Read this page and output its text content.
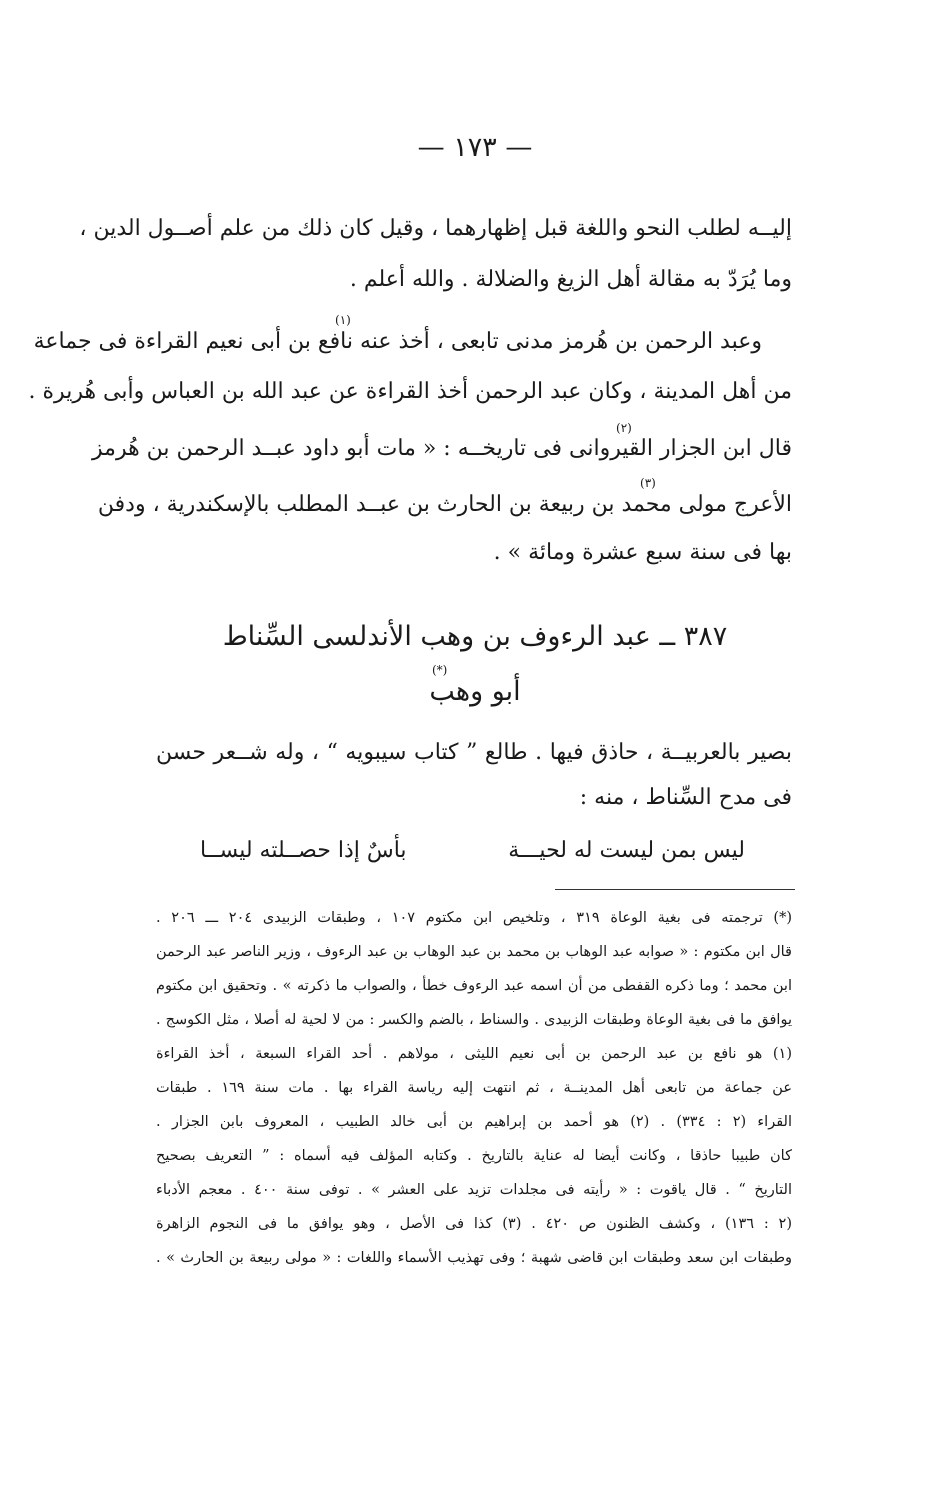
— ١٧٣ —
إليــه لطلب النحو واللغة قبل إظهارهما ، وقيل كان ذلك من علم أصــول الدين ،
وما يُرَدّ به مقالة أهل الزيغ والضلالة . والله أعلم .
(١)
وعبد الرحمن بن هُرمز مدنى تابعى ، أخذ عنه نافع بن أبى نعيم القراءة فى جماعة
من أهل المدينة ، وكان عبد الرحمن أخذ القراءة عن عبد الله بن العباس وأبى هُريرة .
(٢)
قال ابن الجزار القيروانى فى تاريخــه : « مات أبو داود عبــد الرحمن بن هُرمز
(٣)
الأعرج مولى محمد بن ربيعة بن الحارث بن عبــد المطلب بالإسكندرية ، ودفن
بها فى سنة سبع عشرة ومائة » .
٣٨٧ ــ عبد الرءوف بن وهب الأندلسى السِّناط
(*)
أبو وهب
بصير بالعربيــة ، حاذق فيها . طالع ” كتاب سيبويه “ ، وله شــعر حسن
فى مدح السِّناط ، منه :
ليس بمن ليست له لحيـــة
بأسٌ إذا حصــلته ليســا
(*) ترجمته فى بغية الوعاة ٣١٩ ، وتلخيص ابن مكتوم ١٠٧ ، وطبقات الزبيدى ٢٠٤ ـــ ٢٠٦ .
قال ابن مكتوم : « صوابه عبد الوهاب بن محمد بن عبد الوهاب بن عبد الرءوف ، وزير الناصر عبد الرحمن
ابن محمد ؛ وما ذكره القفطى من أن اسمه عبد الرءوف خطأ ، والصواب ما ذكرته » . وتحقيق ابن مكتوم
يوافق ما فى بغية الوعاة وطبقات الزبيدى . والسناط ، بالضم والكسر : من لا لحية له أصلا ، مثل الكوسج .
(١) هو نافع بن عبد الرحمن بن أبى نعيم الليثى ، مولاهم . أحد القراء السبعة ، أخذ القراءة
عن جماعة من تابعى أهل المدينــة ، ثم انتهت إليه رياسة القراء بها . مات سنة ١٦٩ . طبقات
القراء (٢ : ٣٣٤) . (٢) هو أحمد بن إبراهيم بن أبى خالد الطبيب ، المعروف بابن الجزار .
كان طبيبا حاذقا ، وكانت أيضا له عناية بالتاريخ . وكتابه المؤلف فيه أسماه : ” التعريف بصحيح
التاريخ “ . قال ياقوت : « رأيته فى مجلدات تزيد على العشر » . توفى سنة ٤٠٠ . معجم الأدباء
(٢ : ١٣٦) ، وكشف الظنون ص ٤٢٠ . (٣) كذا فى الأصل ، وهو يوافق ما فى النجوم الزاهرة
وطبقات ابن سعد وطبقات ابن قاضى شهبة ؛ وفى تهذيب الأسماء واللغات : « مولى ربيعة بن الحارث » .
